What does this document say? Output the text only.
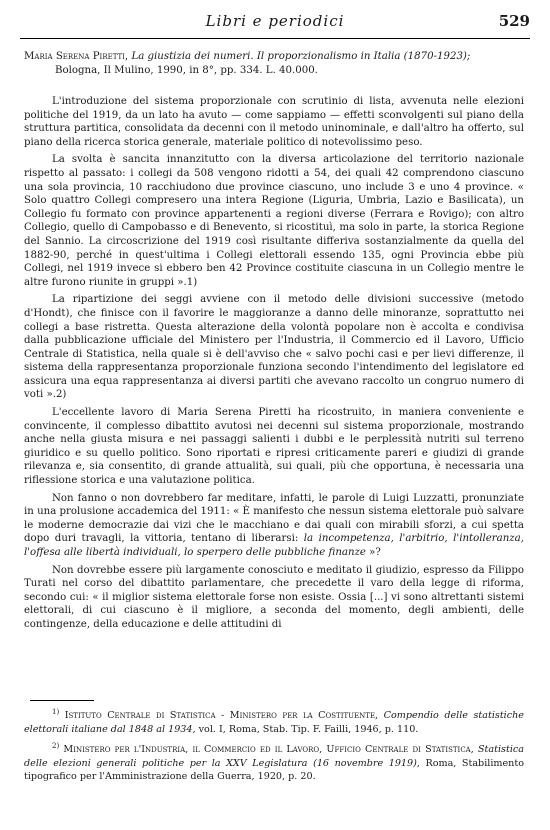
Libri e periodici	529
Maria Serena Piretti, La giustizia dei numeri. Il proporzionalismo in Italia (1870-1923);
Bologna, Il Mulino, 1990, in 8°, pp. 334. L. 40.000.

L'introduzione del sistema proporzionale con scrutinio di lista, avvenuta nelle elezioni politiche del 1919, da un lato ha avuto — come sappiamo — effetti sconvolgenti sul piano della struttura partitica, consolidata da decenni con il metodo uninominale, e dall'altro ha offerto, sul piano della ricerca storica generale, materiale politico di notevolissimo peso.

La svolta è sancita innanzitutto con la diversa articolazione del territorio nazionale rispetto al passato: i collegi da 508 vengono ridotti a 54, dei quali 42 comprendono ciascuno una sola provincia, 10 racchiudono due province ciascuno, uno include 3 e uno 4 province. « Solo quattro Collegi compresero una intera Regione (Liguria, Umbria, Lazio e Basilicata), un Collegio fu formato con province appartenenti a regioni diverse (Ferrara e Rovigo); con altro Collegio, quello di Campobasso e di Benevento, si ricostituì, ma solo in parte, la storica Regione del Sannio. La circoscrizione del 1919 così risultante differiva sostanzialmente da quella del 1882-90, perché in quest'ultima i Collegi elettorali essendo 135, ogni Provincia ebbe più Collegi, nel 1919 invece si ebbero ben 42 Province costituite ciascuna in un Collegio mentre le altre furono riunite in gruppi ».1)

La ripartizione dei seggi avviene con il metodo delle divisioni successive (metodo d'Hondt), che finisce con il favorire le maggioranze a danno delle minoranze, soprattutto nei collegi a base ristretta. Questa alterazione della volontà popolare non è accolta e condivisa dalla pubblicazione ufficiale del Ministero per l'Industria, il Commercio ed il Lavoro, Ufficio Centrale di Statistica, nella quale si è dell'avviso che « salvo pochi casi e per lievi differenze, il sistema della rappresentanza proporzionale funziona secondo l'intendimento del legislatore ed assicura una equa rappresentanza ai diversi partiti che avevano raccolto un congruo numero di voti ».2)

L'eccellente lavoro di Maria Serena Piretti ha ricostruito, in maniera conveniente e convincente, il complesso dibattito avutosi nei decenni sul sistema proporzionale, mostrando anche nella giusta misura e nei passaggi salienti i dubbi e le perplessità nutriti sul terreno giuridico e su quello politico. Sono riportati e ripresi criticamente pareri e giudizi di grande rilevanza e, sia consentito, di grande attualità, sui quali, più che opportuna, è necessaria una riflessione storica e una valutazione politica.

Non fanno o non dovrebbero far meditare, infatti, le parole di Luigi Luzzatti, pronunziate in una prolusione accademica del 1911: « È manifesto che nessun sistema elettorale può salvare le moderne democrazie dai vizi che le macchiano e dai quali con mirabili sforzi, a cui spetta dopo duri travagli, la vittoria, tentano di liberarsi: la incompetenza, l'arbitrio, l'intolleranza, l'offesa alle libertà individuali, lo sperpero delle pubbliche finanze »?

Non dovrebbe essere più largamente conosciuto e meditato il giudizio, espresso da Filippo Turati nel corso del dibattito parlamentare, che precedette il varo della legge di riforma, secondo cui: « il miglior sistema elettorale forse non esiste. Ossia [...] vi sono altrettanti sistemi elettorali, di cui ciascuno è il migliore, a seconda del momento, degli ambienti, delle contingenze, della educazione e delle attitudini di

$^{1)}$ Istituto Centrale di Statistica - Ministero per la Costituente, Compendio delle statistiche elettorali italiane dal 1848 al 1934, vol. I, Roma, Stab. Tip. F. Failli, 1946, p. 110.

$^{2)}$ Ministero per l'Industria, il Commercio ed il Lavoro, Ufficio Centrale di Statistica, Statistica delle elezioni generali politiche per la XXV Legislatura (16 novembre 1919), Roma, Stabilimento tipografico per l'Amministrazione della Guerra, 1920, p. 20.
